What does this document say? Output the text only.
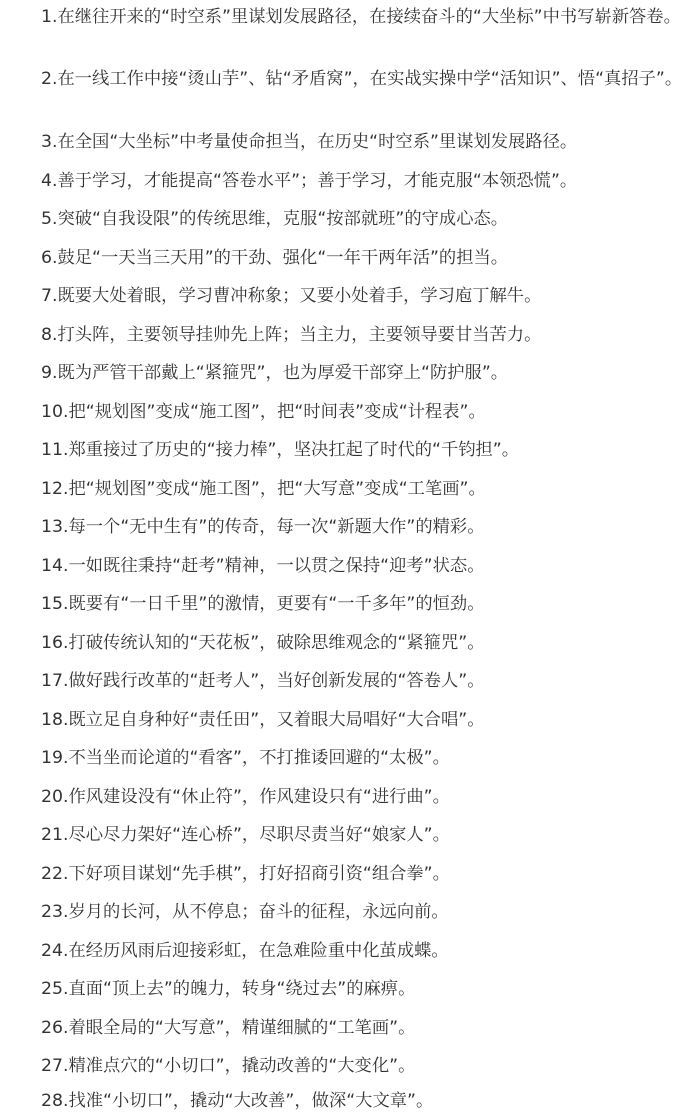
1.在继往开来的“时空系”里谋划发展路径，在接续奋斗的“大坐标”中书写崭新答卷。

2.在一线工作中接“烫山芋”、钻“矛盾窝”，在实战实操中学“活知识”、悟“真招子”。

3.在全国“大坐标”中考量使命担当，在历史“时空系”里谋划发展路径。

4.善于学习，才能提高“答卷水平”；善于学习，才能克服“本领恐慌”。

5.突破“自我设限”的传统思维，克服“按部就班”的守成心态。

6.鼓足“一天当三天用”的干劲、强化“一年干两年活”的担当。

7.既要大处着眼，学习曹冲称象；又要小处着手，学习庖丁解牛。

8.打头阵，主要领导挂帅先上阵；当主力，主要领导要甘当苦力。

9.既为严管干部戴上“紧箍咒”，也为厚爱干部穿上“防护服”。

10.把“规划图”变成“施工图”，把“时间表”变成“计程表”。

11.郑重接过了历史的“接力棒”，坚决扛起了时代的“千钧担”。

12.把“规划图”变成“施工图”，把“大写意”变成“工笔画”。

13.每一个“无中生有”的传奇，每一次“新题大作”的精彩。

14.一如既往秉持“赶考”精神，一以贯之保持“迎考”状态。

15.既要有“一日千里”的激情，更要有“一千多年”的恒劲。

16.打破传统认知的“天花板”，破除思维观念的“紧箍咒”。

17.做好践行改革的“赶考人”，当好创新发展的“答卷人”。

18.既立足自身种好“责任田”，又着眼大局唱好“大合唱”。

19.不当坐而论道的“看客”，不打推诿回避的“太极”。

20.作风建设没有“休止符”，作风建设只有“进行曲”。

21.尽心尽力架好“连心桥”，尽职尽责当好“娘家人”。

22.下好项目谋划“先手棋”，打好招商引资“组合拳”。

23.岁月的长河，从不停息；奋斗的征程，永远向前。

24.在经历风雨后迎接彩虹，在急难险重中化茧成蝶。

25.直面“顶上去”的魄力，转身“绕过去”的麻痹。

26.着眼全局的“大写意”，精谨细腻的“工笔画”。

27.精准点穴的“小切口”，撬动改善的“大变化”。

28.找准“小切口”，撬动“大改善”，做深“大文章”。
